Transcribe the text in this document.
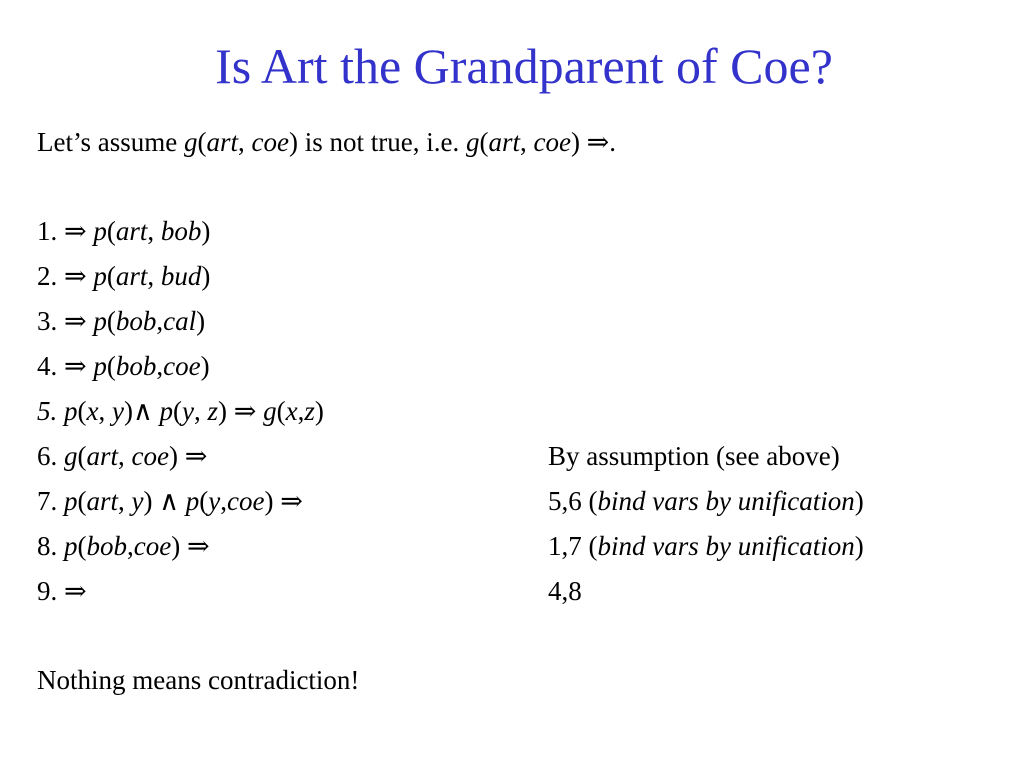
Is Art the Grandparent of Coe?
Let’s assume g(art, coe) is not true, i.e. g(art, coe) ⇒.
1. ⇒ p(art, bob)
2. ⇒ p(art, bud)
3. ⇒ p(bob,cal)
4. ⇒ p(bob,coe)
5. p(x, y)∧ p(y, z) ⇒ g(x,z)
6. g(art, coe) ⇒	By assumption (see above)
7. p(art, y) ∧ p(y,coe) ⇒	5,6 (bind vars by unification)
8. p(bob,coe) ⇒	1,7 (bind vars by unification)
9. ⇒	4,8
Nothing means contradiction!
